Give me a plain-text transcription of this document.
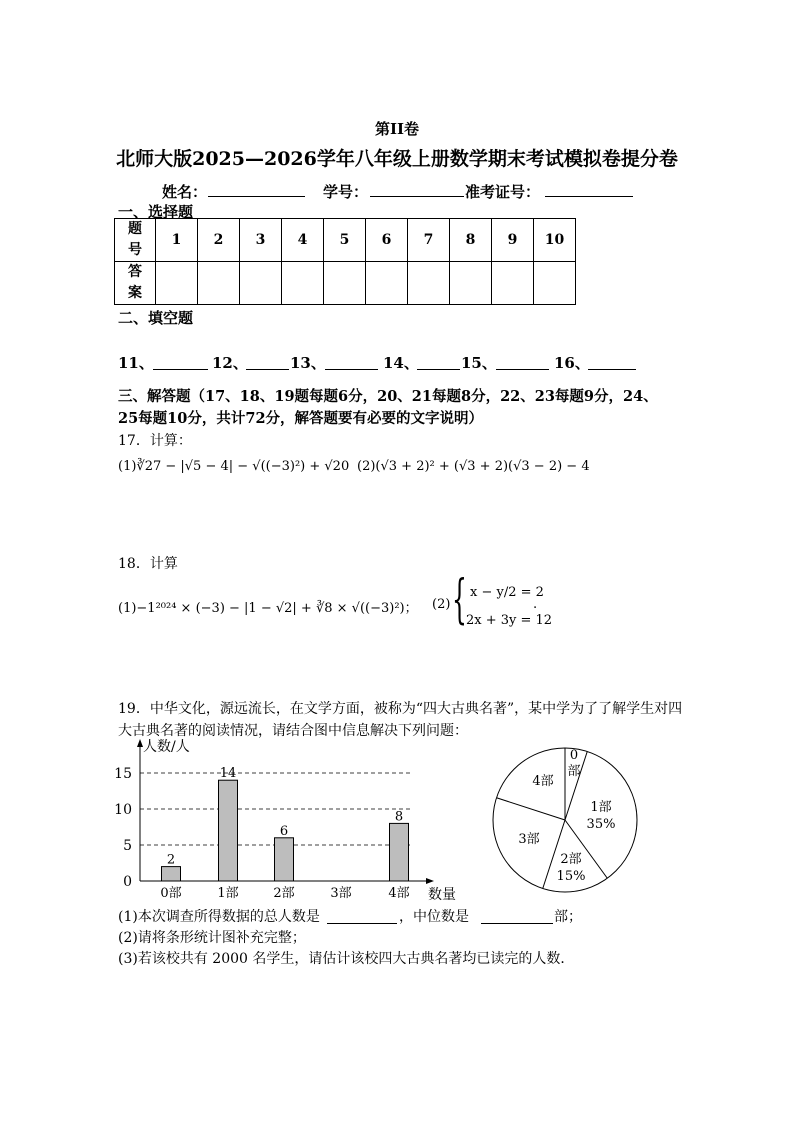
第II卷
北师大版2025—2026学年八年级上册数学期末考试模拟卷提分卷
姓名：	学号：	准考证号：
一、选择题
题号	1	2	3	4	5	6	7	8	9	10
答案										
二、填空题
11、	12、	13、	14、	15、	16、
三、解答题（17、18、19题每题6分，20、21每题8分，22、23每题9分，24、
25每题10分，共计72分，解答题要有必要的文字说明）
17．计算：
(1)∛27 − |√5 − 4| − √((−3)²) + √20 (2)(√3 + 2)² + (√3 + 2)(√3 − 2) − 4
18．计算
(1)−1²⁰²⁴ × (−3) − |1 − √2| + ∛8 × √((−3)²)； (2) { x − y/2 = 2
2x + 3y = 12
.
19．中华文化，源远流长，在文学方面，被称为“四大古典名著”，某中学为了了解学生对四
大古典名著的阅读情况，请结合图中信息解决下列问题：
人数/人
数量
0
5
10
15
0部
2
1部
14
2部
6
3部	4部
8
0
部
1部
35%
2部
15%
3部
4部
(1)本次调查所得数据的总人数是	，中位数是	部；
(2)请将条形统计图补充完整；
(3)若该校共有 2000 名学生，请估计该校四大古典名著均已读完的人数．
